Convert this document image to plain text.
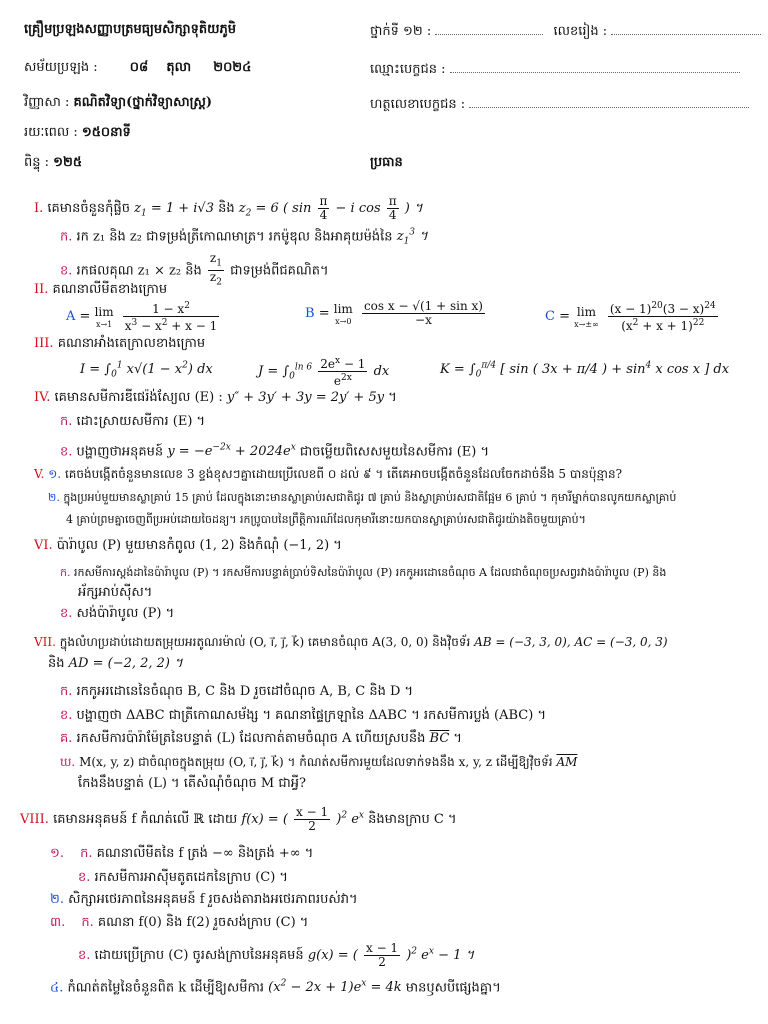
គ្រឿមប្រឡងសញ្ញាបត្រមធ្យមសិក្សាទុតិយភូមិ
សម័យប្រឡង : ០៨ តុលា ២០២៤
វិញ្ញាសា : គណិតវិទ្យា(ថ្នាក់វិទ្យាសាស្ត្រ)
រយៈពេល : ១៥០នាទី
ពិន្ទុ : ១២៥
ថ្នាក់ទី ១២ :	លេខរៀង :
ឈ្មោះបេក្ខជន :
ហត្ថលេខាបេក្ខជន :
ប្រធាន
I. គេមានចំនួនកុំផ្លិច $z_1 = 1 + i√3$ និង $z_2 = 6$ ( $\sin \frac{\pi}{4} - i$ $\cos \frac{\pi}{4}$ ) ។
ក. រក z₁ និង z₂ ជាទម្រង់ត្រីកោណមាត្រ។ រកម៉ូឌុល និងអាគុយម៉ង់នៃ $z_1^3$ ។
ខ. រកផលគុណ z₁ × z₂ និង $\frac{z_1}{z_2}$ ជាទម្រង់ពីជគណិត។
II. គណនាលីមីតខាងក្រោម
A = lim
x→1
$\frac{1 - x^2}{x^3 - x^2 + x - 1}$	B = lim
x→0
$\frac{\text{cos x − √(1 + sin x)}}{-x}$	C = lim
x→±∞
$\frac{(x - 1)^{20}(3 - x)^{24}}{(x^2 + x + 1)^{22}}$
III. គណនាអាំងតេក្រាលខាងក្រោម
$I = \int_0^1$ $x√(1 - x^2)$ dx	$J = \int_0^{ln 6} \frac{2e^x - 1}{e^{2x}}$ dx	$K = \int_0^{\pi/4}$ [ sin ( 3x + π/4 ) + $\sin^4 x$ cos x ] dx
IV. គេមានសមីការឌីផេរ៉ង់ស្យែល (E) : y″ + 3y′ + 3y = 2y′ + 5y ។
ក. ដោះស្រាយសមីការ (E) ។
ខ. បង្ហាញថាអនុគមន៍ $y = -e^{-2x} + 2024e^x$ ជាចម្លើយពិសេសមួយនៃសមីការ (E) ។
V. ១. គេចង់បង្កើតចំនួនមានលេខ 3 ខ្ទង់ខុសៗគ្នាដោយប្រើលេខពី ០ ដល់ ៩ ។ តើគេអាចបង្កើតចំនួនដែលចែកដាច់នឹង 5 បានប៉ុន្មាន?
២. ក្នុងប្រអប់មួយមានស្លាគ្រាប់ 15 គ្រាប់ ដែលក្នុងនោះមានស្លាគ្រាប់រសជាតិជូរ ៧ គ្រាប់ និងស្លាគ្រាប់រសជាតិផ្អែម 6 គ្រាប់ ។ កុមារីម្នាក់បានលូកយកស្លាគ្រាប់
4 គ្រាប់ព្រមគ្នាចេញពីប្រអប់ដោយចៃដន្យ។ រកប្រូបាបនៃព្រឹត្តិការណ៍ដែលកុមារីនោះយកបានស្លាគ្រាប់រសជាតិជូរយ៉ាងតិចមួយគ្រាប់។
VI. ប៉ារ៉ាបូល (P) មួយមានកំពូល (1, 2) និងកំណុំ (−1, 2) ។
ក. រកសមីការស្តង់ដានៃប៉ារ៉ាបូល (P) ។ រកសមីការបន្ទាត់ប្រាប់ទិសនៃប៉ារ៉ាបូល (P) រកកូអរដោនេចំណុច A ដែលជាចំណុចប្រសព្វរវាងប៉ារ៉ាបូល (P) និង
អ័ក្សអាប់ស៊ីស។
ខ. សង់ប៉ារ៉ាបូល (P) ។
VII. ក្នុងលំហប្រដាប់ដោយតម្រុយអរតូណរម៉ាល់ (O, i⃗, j⃗, k⃗) គេមានចំណុច A(3, 0, 0) និងវ៉ិចទ័រ AB = (−3, 3, 0), AC = (−3, 0, 3)
និង AD = (−2, 2, 2) ។
ក. រកកូអរដោនេនៃចំណុច B, C និង D រួចដៅចំណុច A, B, C និង D ។
ខ. បង្ហាញថា ΔABC ជាត្រីកោណសម័ង្ស ។ គណនាផ្ទៃក្រឡានៃ ΔABC ។ រកសមីការប្លង់ (ABC) ។
គ. រកសមីការប៉ារ៉ាម៉ែត្រនៃបន្ទាត់ (L) ដែលកាត់តាមចំណុច A ហើយស្របនឹង $\overline{BC}$ ។
ឃ. M(x, y, z) ជាចំណុចក្នុងតម្រុយ (O, i⃗, j⃗, k⃗) ។ កំណត់សមីការមួយដែលទាក់ទងនឹង x, y, z ដើម្បីឱ្យវ៉ិចទ័រ $\overline{AM}$
កែងនឹងបន្ទាត់ (L) ។ តើសំណុំចំណុច M ជាអ្វី?
VIII. គេមានអនុគមន៍ f កំណត់លើ ℝ ដោយ f(x) = ( $\frac{x - 1}{2} )^2$ $e^x$ និងមានក្រាប C ។
១. ក. គណនាលីមីតនៃ f ត្រង់ −∞ និងត្រង់ +∞ ។
ខ. រកសមីការអាស៊ីមតូតដេកនៃក្រាប (C) ។
២. សិក្សាអថេរភាពនៃអនុគមន៍ f រួចសង់តារាងអថេរភាពរបស់វា។
៣. ក. គណនា f(0) និង f(2) រួចសង់ក្រាប (C) ។
ខ. ដោយប្រើក្រាប (C) ចូរសង់ក្រាបនៃអនុគមន៍ g(x) = ( $\frac{x - 1}{2} )^2$ $e^x - 1$ ។
៤. កំណត់តម្លៃនៃចំនួនពិត k ដើម្បីឱ្យសមីការ $(x^2 - 2x + 1)e^x = 4k$ មានឫសបីផ្សេងគ្នា។
